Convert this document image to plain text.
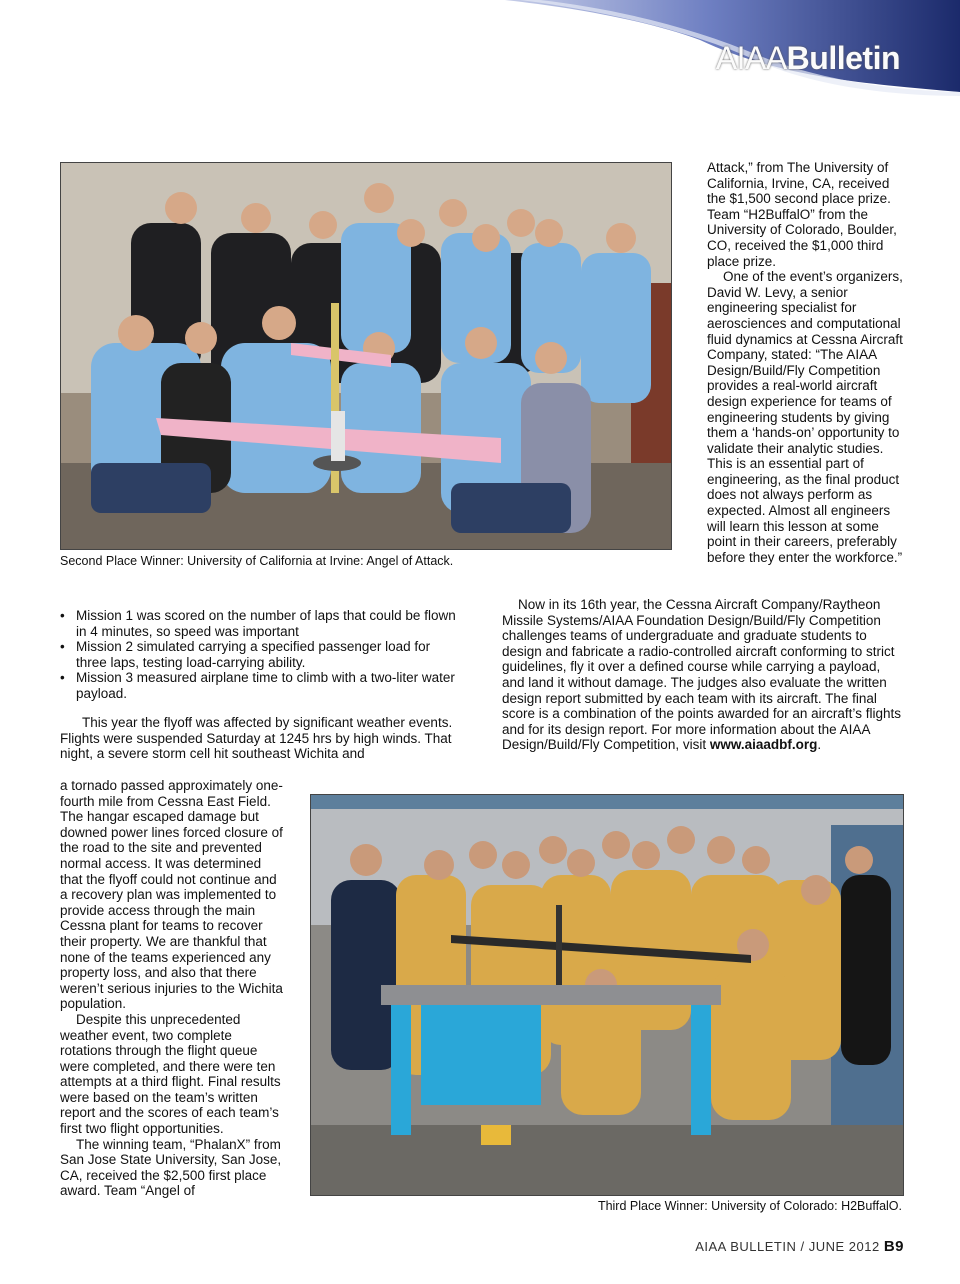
AIAABulletin
Second Place Winner: University of California at Irvine: Angel of Attack.

Attack,” from The University of California, Irvine, CA, received the $1,500 second place prize. Team “H2BuffalO” from the University of Colorado, Boulder, CO, received the $1,000 third place prize.

One of the event’s organizers, David W. Levy, a senior engineering specialist for aerosciences and computational fluid dynamics at Cessna Aircraft Company, stated: “The AIAA Design/Build/Fly Competition provides a real-world aircraft design experience for teams of engineering students by giving them a ‘hands-on’ opportunity to validate their analytic studies. This is an essential part of engineering, as the final product does not always perform as expected. Almost all engineers will learn this lesson at some point in their careers, preferably before they enter the workforce.”

Now in its 16th year, the Cessna Aircraft Company/Raytheon Missile Systems/AIAA Foundation Design/Build/Fly Competition challenges teams of undergraduate and graduate students to design and fabricate a radio-controlled aircraft conforming to strict guidelines, fly it over a defined course while carrying a payload, and land it without damage. The judges also evaluate the written design report submitted by each team with its aircraft. The final score is a combination of the points awarded for an aircraft’s flights and for its design report. For more information about the AIAA Design/Build/Fly Competition, visit www.aiaadbf.org.

• Mission 1 was scored on the number of laps that could be flown in 4 minutes, so speed was important
• Mission 2 simulated carrying a specified passenger load for three laps, testing load-carrying ability.
• Mission 3 measured airplane time to climb with a two-liter water payload.

This year the flyoff was affected by significant weather events. Flights were suspended Saturday at 1245 hrs by high winds. That night, a severe storm cell hit southeast Wichita and

a tornado passed approximately one-fourth mile from Cessna East Field. The hangar escaped damage but downed power lines forced closure of the road to the site and prevented normal access. It was determined that the flyoff could not continue and a recovery plan was implemented to provide access through the main Cessna plant for teams to recover their property. We are thankful that none of the teams experienced any property loss, and also that there weren’t serious injuries to the Wichita population.

Despite this unprecedented weather event, two complete rotations through the flight queue were completed, and there were ten attempts at a third flight. Final results were based on the team’s written report and the scores of each team’s first two flight opportunities.

The winning team, “PhalanX” from San Jose State University, San Jose, CA, received the $2,500 first place award. Team “Angel of

Third Place Winner: University of Colorado: H2BuffalO.
AIAA BULLETIN / JUNE 2012 B9
